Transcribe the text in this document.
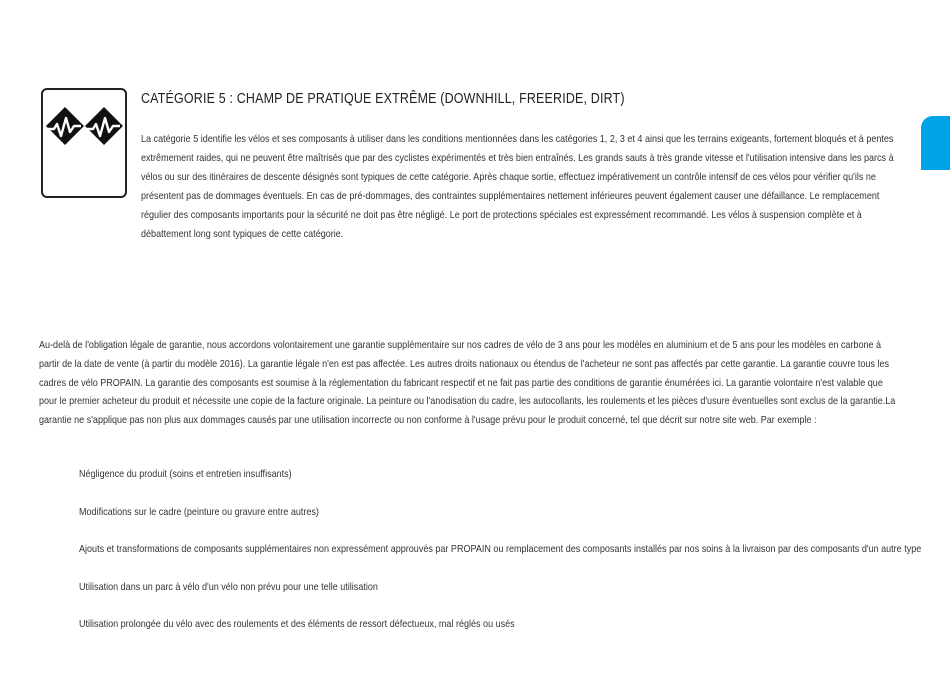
CATÉGORIE 5 : CHAMP DE PRATIQUE EXTRÊME (DOWNHILL, FREERIDE, DIRT)

La catégorie 5 identifie les vélos et ses composants à utiliser dans les conditions mentionnées dans les catégories 1, 2, 3 et 4 ainsi que les terrains exigeants, fortement bloqués et à pentes extrêmement raides, qui ne peuvent être maîtrisés que par des cyclistes expérimentés et très bien entraînés. Les grands sauts à très grande vitesse et l'utilisation intensive dans les parcs à vélos ou sur des itinéraires de descente désignés sont typiques de cette catégorie. Après chaque sortie, effectuez impérativement un contrôle intensif de ces vélos pour vérifier qu'ils ne présentent pas de dommages éventuels. En cas de pré-dommages, des contraintes supplémentaires nettement inférieures peuvent également causer une défaillance. Le remplacement régulier des composants importants pour la sécurité ne doit pas être négligé. Le port de protections spéciales est expressément recommandé. Les vélos à suspension complète et à débattement long sont typiques de cette catégorie.

Au-delà de l'obligation légale de garantie, nous accordons volontairement une garantie supplémentaire sur nos cadres de vélo de 3 ans pour les modèles en aluminium et de 5 ans pour les modèles en carbone à partir de la date de vente (à partir du modèle 2016). La garantie légale n'en est pas affectée. Les autres droits nationaux ou étendus de l'acheteur ne sont pas affectés par cette garantie. La garantie couvre tous les cadres de vélo PROPAIN. La garantie des composants est soumise à la réglementation du fabricant respectif et ne fait pas partie des conditions de garantie énumérées ici. La garantie volontaire n'est valable que pour le premier acheteur du produit et nécessite une copie de la facture originale. La peinture ou l'anodisation du cadre, les autocollants, les roulements et les pièces d'usure éventuelles sont exclus de la garantie.La garantie ne s'applique pas non plus aux dommages causés par une utilisation incorrecte ou non conforme à l'usage prévu pour le produit concerné, tel que décrit sur notre site web. Par exemple :

Négligence du produit (soins et entretien insuffisants)
Modifications sur le cadre (peinture ou gravure entre autres)
Ajouts et transformations de composants supplémentaires non expressément approuvés par PROPAIN ou remplacement des composants installés par nos soins à la livraison par des composants d'un autre type
Utilisation dans un parc à vélo d'un vélo non prévu pour une telle utilisation
Utilisation prolongée du vélo avec des roulements et des éléments de ressort défectueux, mal réglés ou usés
